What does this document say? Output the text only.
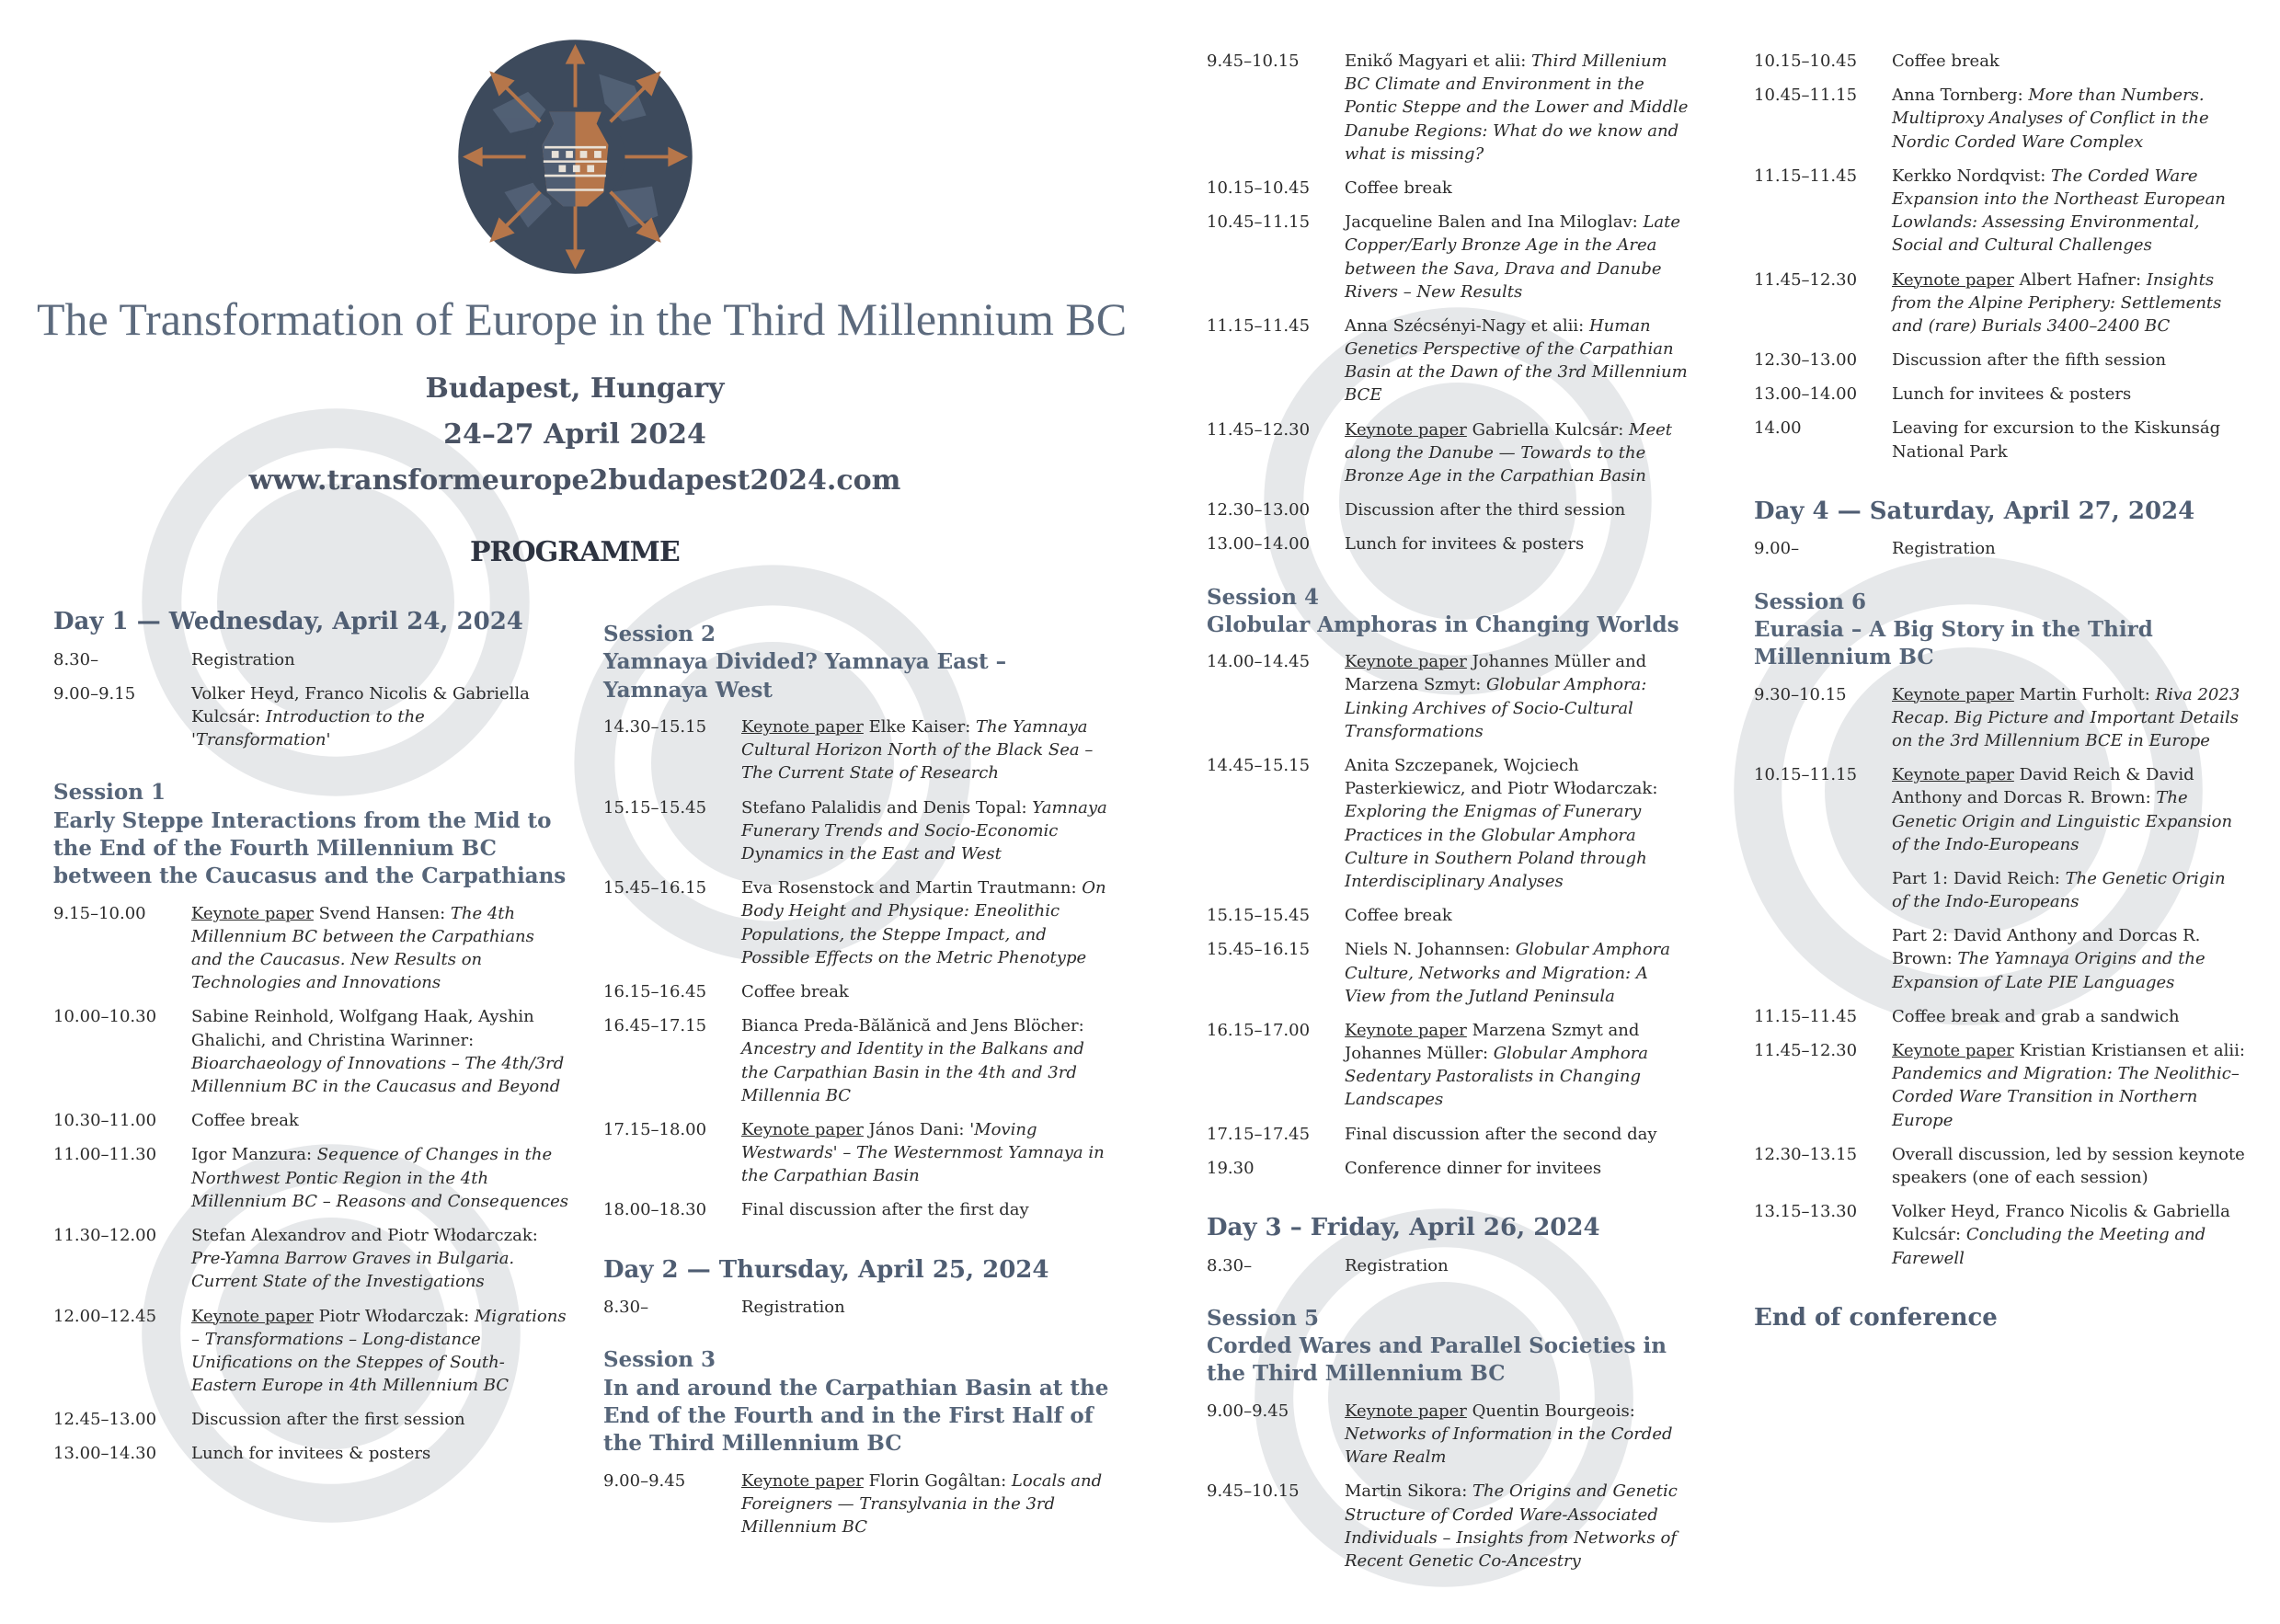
The Transformation of Europe in the Third Millennium BC
Budapest, Hungary
24–27 April 2024
www.transformeurope2budapest2024.com
PROGRAMME
Day 1 — Wednesday, April 24, 2024
8.30–	Registration
9.00–9.15	Volker Heyd, Franco Nicolis & Gabriella Kulcsár: Introduction to the 'Transformation'
Session 1
Early Steppe Interactions from the Mid to the End of the Fourth Millennium BC between the Caucasus and the Carpathians
9.15–10.00	Keynote paper Svend Hansen: The 4th Millennium BC between the Carpathians and the Caucasus. New Results on Technologies and Innovations
10.00–10.30	Sabine Reinhold, Wolfgang Haak, Ayshin Ghalichi, and Christina Warinner: Bioarchaeology of Innovations – The 4th/3rd Millennium BC in the Caucasus and Beyond
10.30–11.00	Coffee break
11.00–11.30	Igor Manzura: Sequence of Changes in the Northwest Pontic Region in the 4th Millennium BC – Reasons and Consequences
11.30–12.00	Stefan Alexandrov and Piotr Włodarczak: Pre-Yamna Barrow Graves in Bulgaria. Current State of the Investigations
12.00–12.45	Keynote paper Piotr Włodarczak: Migrations – Transformations – Long-distance Unifications on the Steppes of South-Eastern Europe in 4th Millennium BC
12.45–13.00	Discussion after the first session
13.00–14.30	Lunch for invitees & posters
Session 2
Yamnaya Divided? Yamnaya East – Yamnaya West
14.30–15.15	Keynote paper Elke Kaiser: The Yamnaya Cultural Horizon North of the Black Sea – The Current State of Research
15.15–15.45	Stefano Palalidis and Denis Topal: Yamnaya Funerary Trends and Socio-Economic Dynamics in the East and West
15.45–16.15	Eva Rosenstock and Martin Trautmann: On Body Height and Physique: Eneolithic Populations, the Steppe Impact, and Possible Effects on the Metric Phenotype
16.15–16.45	Coffee break
16.45–17.15	Bianca Preda-Bălănică and Jens Blöcher: Ancestry and Identity in the Balkans and the Carpathian Basin in the 4th and 3rd Millennia BC
17.15–18.00	Keynote paper János Dani: 'Moving Westwards' – The Westernmost Yamnaya in the Carpathian Basin
18.00–18.30	Final discussion after the first day
Day 2 — Thursday, April 25, 2024
8.30–	Registration
Session 3
In and around the Carpathian Basin at the End of the Fourth and in the First Half of the Third Millennium BC
9.00–9.45	Keynote paper Florin Gogâltan: Locals and Foreigners — Transylvania in the 3rd Millennium BC
9.45–10.15	Enikő Magyari et alii: Third Millenium BC Climate and Environment in the Pontic Steppe and the Lower and Middle Danube Regions: What do we know and what is missing?
10.15–10.45	Coffee break
10.45–11.15	Jacqueline Balen and Ina Miloglav: Late Copper/Early Bronze Age in the Area between the Sava, Drava and Danube Rivers – New Results
11.15–11.45	Anna Szécsényi-Nagy et alii: Human Genetics Perspective of the Carpathian Basin at the Dawn of the 3rd Millennium BCE
11.45–12.30	Keynote paper Gabriella Kulcsár: Meet along the Danube — Towards to the Bronze Age in the Carpathian Basin
12.30–13.00	Discussion after the third session
13.00–14.00	Lunch for invitees & posters
Session 4
Globular Amphoras in Changing Worlds
14.00–14.45	Keynote paper Johannes Müller and Marzena Szmyt: Globular Amphora: Linking Archives of Socio-Cultural Transformations
14.45–15.15	Anita Szczepanek, Wojciech Pasterkiewicz, and Piotr Włodarczak: Exploring the Enigmas of Funerary Practices in the Globular Amphora Culture in Southern Poland through Interdisciplinary Analyses
15.15–15.45	Coffee break
15.45–16.15	Niels N. Johannsen: Globular Amphora Culture, Networks and Migration: A View from the Jutland Peninsula
16.15–17.00	Keynote paper Marzena Szmyt and Johannes Müller: Globular Amphora Sedentary Pastoralists in Changing Landscapes
17.15–17.45	Final discussion after the second day
19.30	Conference dinner for invitees
Day 3 – Friday, April 26, 2024
8.30–	Registration
Session 5
Corded Wares and Parallel Societies in the Third Millennium BC
9.00–9.45	Keynote paper Quentin Bourgeois: Networks of Information in the Corded Ware Realm
9.45–10.15	Martin Sikora: The Origins and Genetic Structure of Corded Ware-Associated Individuals – Insights from Networks of Recent Genetic Co-Ancestry
10.15–10.45	Coffee break
10.45–11.15	Anna Tornberg: More than Numbers. Multiproxy Analyses of Conflict in the Nordic Corded Ware Complex
11.15–11.45	Kerkko Nordqvist: The Corded Ware Expansion into the Northeast European Lowlands: Assessing Environmental, Social and Cultural Challenges
11.45–12.30	Keynote paper Albert Hafner: Insights from the Alpine Periphery: Settlements and (rare) Burials 3400–2400 BC
12.30–13.00	Discussion after the fifth session
13.00–14.00	Lunch for invitees & posters
14.00	Leaving for excursion to the Kiskunság National Park
Day 4 — Saturday, April 27, 2024
9.00–	Registration
Session 6
Eurasia – A Big Story in the Third Millennium BC
9.30–10.15	Keynote paper Martin Furholt: Riva 2023 Recap. Big Picture and Important Details on the 3rd Millennium BCE in Europe
10.15–11.15	Keynote paper David Reich & David Anthony and Dorcas R. Brown: The Genetic Origin and Linguistic Expansion of the Indo-Europeans
Part 1: David Reich: The Genetic Origin of the Indo-Europeans
Part 2: David Anthony and Dorcas R. Brown: The Yamnaya Origins and the Expansion of Late PIE Languages
11.15–11.45	Coffee break and grab a sandwich
11.45–12.30	Keynote paper Kristian Kristiansen et alii: Pandemics and Migration: The Neolithic–Corded Ware Transition in Northern Europe
12.30–13.15	Overall discussion, led by session keynote speakers (one of each session)
13.15–13.30	Volker Heyd, Franco Nicolis & Gabriella Kulcsár: Concluding the Meeting and Farewell
End of conference
